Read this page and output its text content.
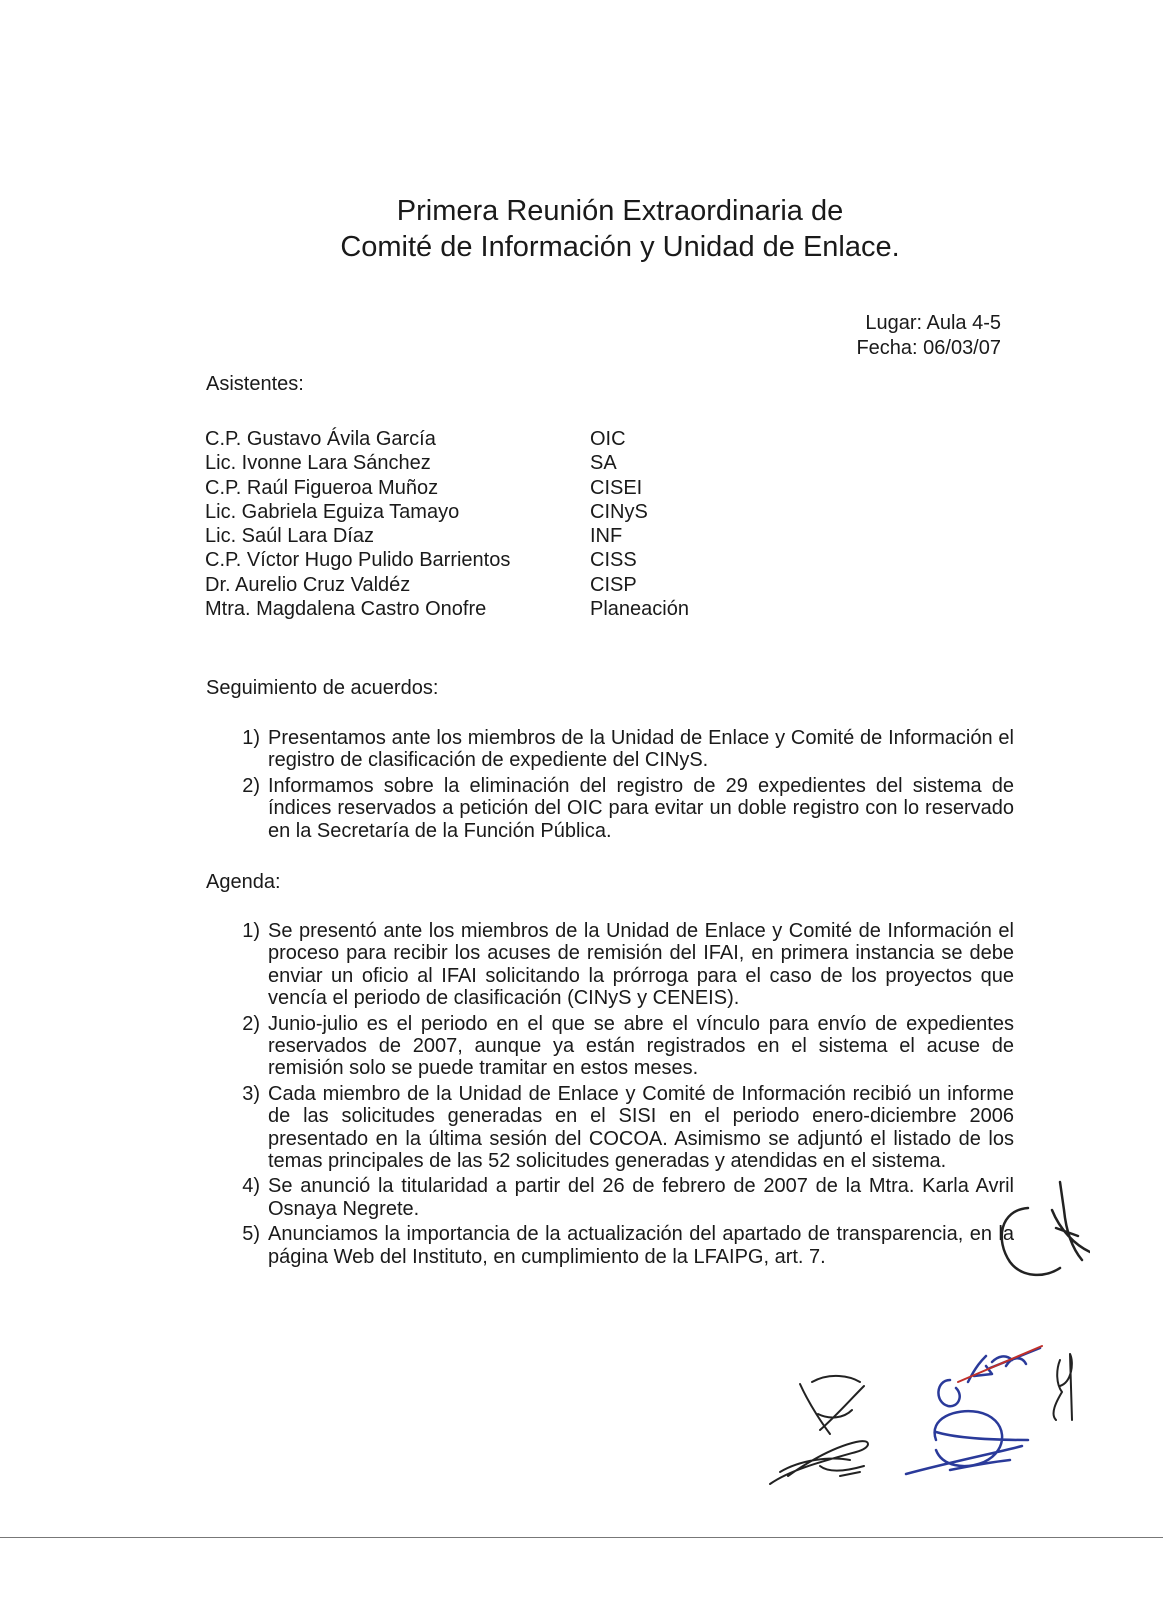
Primera Reunión Extraordinaria de
Comité de Información y Unidad de Enlace.
Lugar: Aula 4-5
Fecha: 06/03/07
Asistentes:
C.P. Gustavo Ávila García	OIC
Lic. Ivonne Lara Sánchez	SA
C.P. Raúl Figueroa Muñoz	CISEI
Lic. Gabriela Eguiza Tamayo	CINyS
Lic. Saúl Lara Díaz	INF
C.P. Víctor Hugo Pulido Barrientos	CISS
Dr. Aurelio Cruz Valdéz	CISP
Mtra. Magdalena Castro Onofre	Planeación
Seguimiento de acuerdos:
1) Presentamos ante los miembros de la Unidad de Enlace y Comité de Información el registro de clasificación de expediente del CINyS.
2) Informamos sobre la eliminación del registro de 29 expedientes del sistema de índices reservados a petición del OIC para evitar un doble registro con lo reservado en la Secretaría de la Función Pública.
Agenda:
1) Se presentó ante los miembros de la Unidad de Enlace y Comité de Información el proceso para recibir los acuses de remisión del IFAI, en primera instancia se debe enviar un oficio al IFAI solicitando la prórroga para el caso de los proyectos que vencía el periodo de clasificación (CINyS y CENEIS).
2) Junio-julio es el periodo en el que se abre el vínculo para envío de expedientes reservados de 2007, aunque ya están registrados en el sistema el acuse de remisión solo se puede tramitar en estos meses.
3) Cada miembro de la Unidad de Enlace y Comité de Información recibió un informe de las solicitudes generadas en el SISI en el periodo enero-diciembre 2006 presentado en la última sesión del COCOA. Asimismo se adjuntó el listado de los temas principales de las 52 solicitudes generadas y atendidas en el sistema.
4) Se anunció la titularidad a partir del 26 de febrero de 2007 de la Mtra. Karla Avril Osnaya Negrete.
5) Anunciamos la importancia de la actualización del apartado de transparencia, en la página Web del Instituto, en cumplimiento de la LFAIPG, art. 7.
